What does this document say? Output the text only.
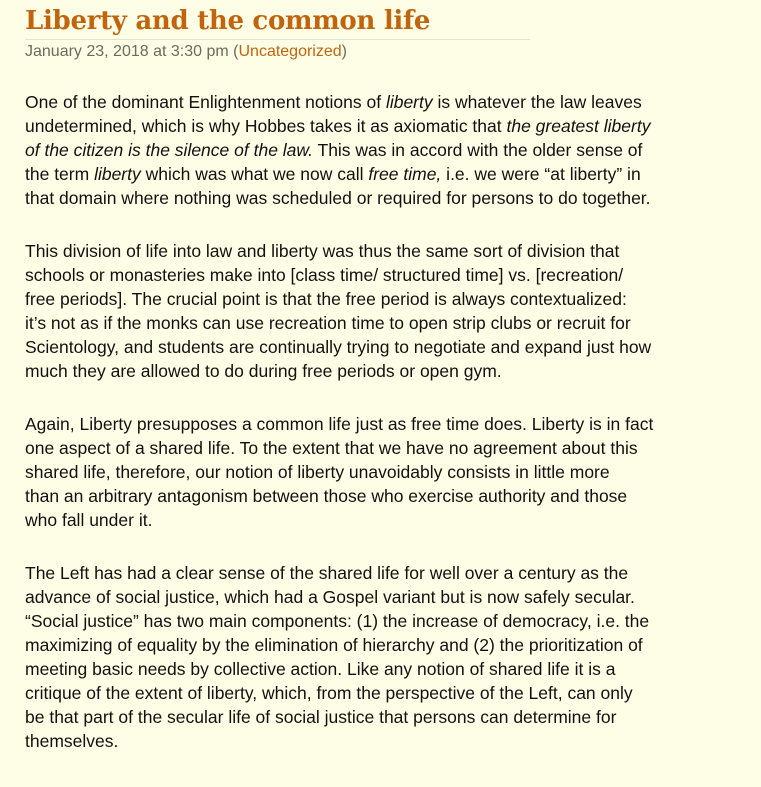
Liberty and the common life
January 23, 2018 at 3:30 pm (Uncategorized)
One of the dominant Enlightenment notions of liberty is whatever the law leaves
undetermined, which is why Hobbes takes it as axiomatic that the greatest liberty
of the citizen is the silence of the law. This was in accord with the older sense of
the term liberty which was what we now call free time, i.e. we were “at liberty” in
that domain where nothing was scheduled or required for persons to do together.
This division of life into law and liberty was thus the same sort of division that
schools or monasteries make into [class time/ structured time] vs. [recreation/
free periods]. The crucial point is that the free period is always contextualized:
it’s not as if the monks can use recreation time to open strip clubs or recruit for
Scientology, and students are continually trying to negotiate and expand just how
much they are allowed to do during free periods or open gym.
Again, Liberty presupposes a common life just as free time does. Liberty is in fact
one aspect of a shared life. To the extent that we have no agreement about this
shared life, therefore, our notion of liberty unavoidably consists in little more
than an arbitrary antagonism between those who exercise authority and those
who fall under it.
The Left has had a clear sense of the shared life for well over a century as the
advance of social justice, which had a Gospel variant but is now safely secular.
“Social justice” has two main components: (1) the increase of democracy, i.e. the
maximizing of equality by the elimination of hierarchy and (2) the prioritization of
meeting basic needs by collective action. Like any notion of shared life it is a
critique of the extent of liberty, which, from the perspective of the Left, can only
be that part of the secular life of social justice that persons can determine for
themselves.
